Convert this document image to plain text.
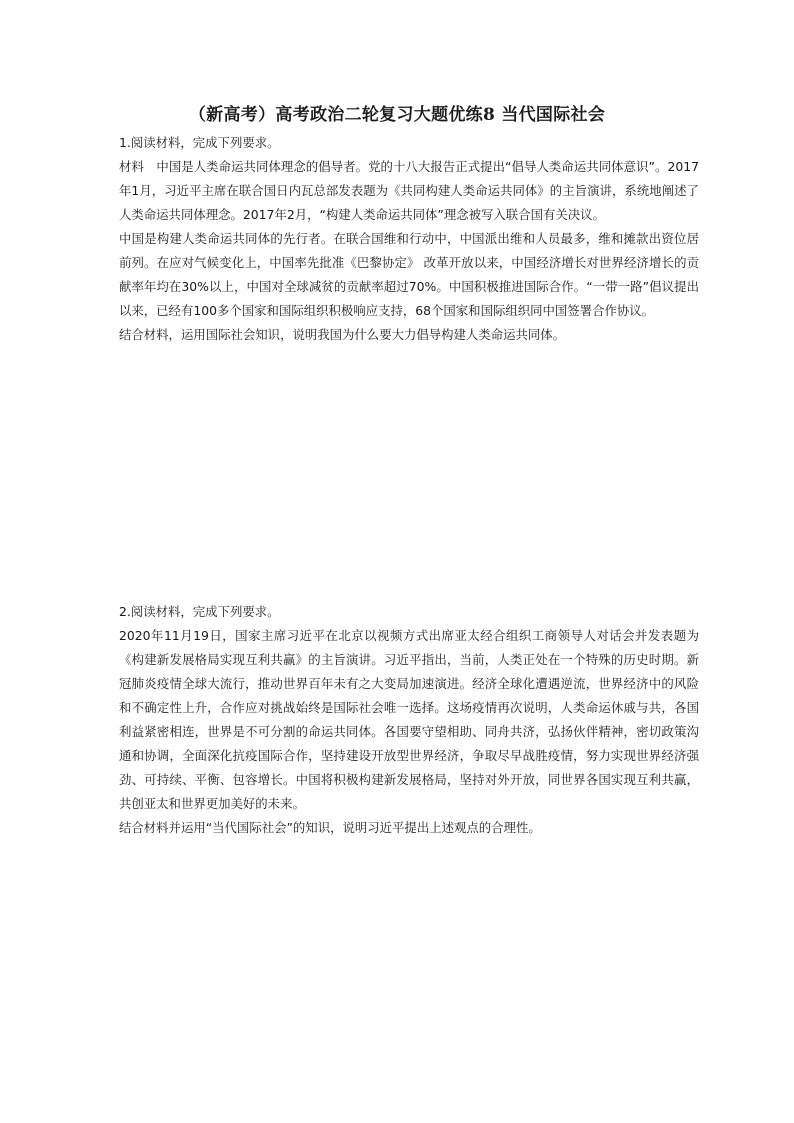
（新高考）高考政治二轮复习大题优练8 当代国际社会

1.阅读材料，完成下列要求。

材料　中国是人类命运共同体理念的倡导者。党的十八大报告正式提出“倡导人类命运共同体意识”。2017年1月，习近平主席在联合国日内瓦总部发表题为《共同构建人类命运共同体》的主旨演讲，系统地阐述了人类命运共同体理念。2017年2月，“构建人类命运共同体”理念被写入联合国有关决议。

中国是构建人类命运共同体的先行者。在联合国维和行动中，中国派出维和人员最多，维和摊款出资位居前列。在应对气候变化上，中国率先批准《巴黎协定》 改革开放以来，中国经济增长对世界经济增长的贡献率年均在30%以上，中国对全球减贫的贡献率超过70%。中国积极推进国际合作。“一带一路”倡议提出以来，已经有100多个国家和国际组织积极响应支持，68个国家和国际组织同中国签署合作协议。

结合材料，运用国际社会知识，说明我国为什么要大力倡导构建人类命运共同体。

2.阅读材料，完成下列要求。

2020年11月19日，国家主席习近平在北京以视频方式出席亚太经合组织工商领导人对话会并发表题为《构建新发展格局实现互利共赢》的主旨演讲。习近平指出，当前，人类正处在一个特殊的历史时期。新冠肺炎疫情全球大流行，推动世界百年未有之大变局加速演进。经济全球化遭遇逆流，世界经济中的风险和不确定性上升，合作应对挑战始终是国际社会唯一选择。这场疫情再次说明，人类命运休戚与共，各国利益紧密相连，世界是不可分割的命运共同体。各国要守望相助、同舟共济，弘扬伙伴精神，密切政策沟通和协调，全面深化抗疫国际合作，坚持建设开放型世界经济，争取尽早战胜疫情，努力实现世界经济强劲、可持续、平衡、包容增长。中国将积极构建新发展格局，坚持对外开放，同世界各国实现互利共赢，共创亚太和世界更加美好的未来。

结合材料并运用“当代国际社会”的知识，说明习近平提出上述观点的合理性。
